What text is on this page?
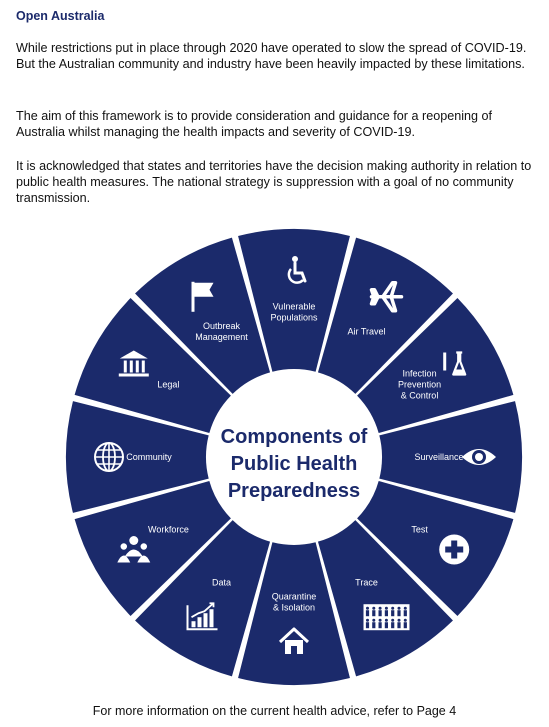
Open Australia

While restrictions put in place through 2020 have operated to slow the spread of COVID-19. But the Australian community and industry have been heavily impacted by these limitations.

The aim of this framework is to provide consideration and guidance for a reopening of Australia whilst managing the health impacts and severity of COVID-19.

It is acknowledged that states and territories have the decision making authority in relation to public health measures. The national strategy is suppression with a goal of no community transmission.

Vulnerable
Populations
Air Travel
Infection
Prevention
& Control
Surveillance
Test
Trace
Quarantine
& Isolation
Data
Workforce
Community
Legal
Outbreak
Management
Components of
Public Health
Preparedness
For more information on the current health advice, refer to Page 4
